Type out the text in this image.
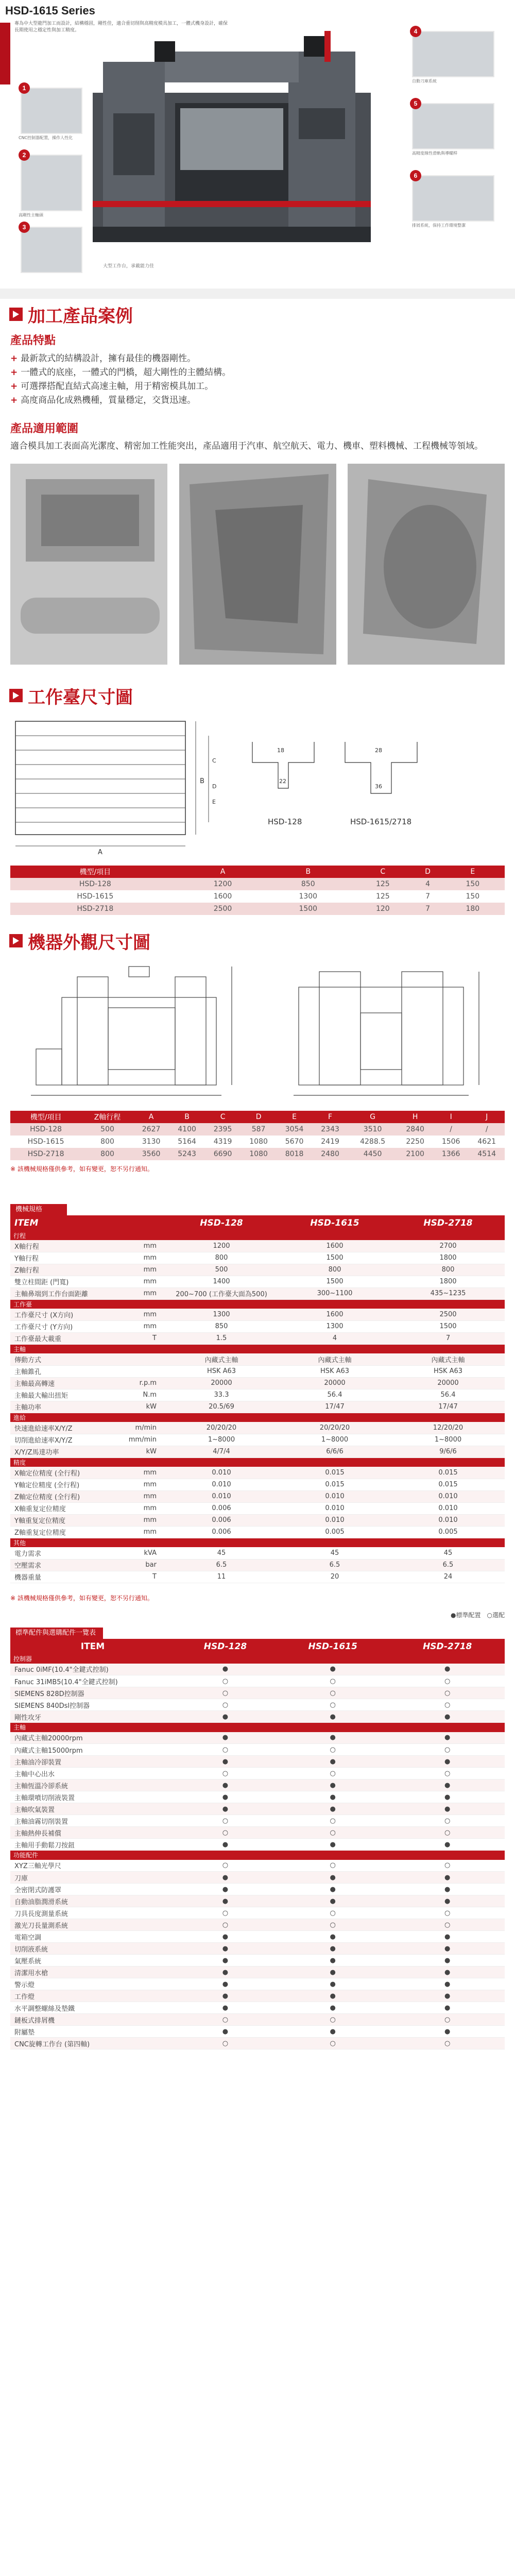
HSD-1615 Series
專為中大型龍門加工而設計，結構穩固，剛性佳，適合重切削與高精度模具加工，一體式機身設計，確保長期使用之穩定性與加工精度。
1
CNC控制器配置，操作人性化
2
高剛性主軸頭
3
4
自動刀庫系統
5
高精度線性滑軌與導螺桿
6
排屑系統，保持工作環境整潔
大型工作台，承載能力佳
加工產品案例
產品特點
+ 最新款式的結構設計，擁有最佳的機器剛性。
+ 一體式的底座，一體式的門橋，超大剛性的主體結構。
+ 可選擇搭配直結式高速主軸，用于精密模具加工。
+ 高度商品化成熟機種，質量穩定，交貨迅速。
產品適用範圍

適合模具加工表面高光潔度、精密加工性能突出，產品適用于汽車、航空航天、電力、機車、塑料機械、工程機械等領域。

工作臺尺寸圖
A
B
C
D
E
18
22
28
36
HSD-128	HSD-1615/2718
機型/項目	A	B	C	D	E
HSD-128	1200	850	125	4	150
HSD-1615	1600	1300	125	7	150
HSD-2718	2500	1500	120	7	180
機器外觀尺寸圖
機型/項目	Z軸行程	A	B	C	D	E	F	G	H	I	J
HSD-128	500	2627	4100	2395	587	3054	2343	3510	2840	/	/
HSD-1615	800	3130	5164	4319	1080	5670	2419	4288.5	2250	1506	4621
HSD-2718	800	3560	5243	6690	1080	8018	2480	4450	2100	1366	4514
※ 該機械規格僅供參考，如有變更，恕不另行通知。
機械規格
ITEM		HSD-128	HSD-1615	HSD-2718
行程				
X軸行程	mm	1200	1600	2700
Y軸行程	mm	800	1500	1800
Z軸行程	mm	500	800	800
雙立柱間距 (門寬)	mm	1400	1500	1800
主軸鼻端到工作台面距離	mm	200~700 (工作臺大面為500)	300~1100	435~1235
工作臺				
工作臺尺寸 (X方向)	mm	1300	1600	2500
工作臺尺寸 (Y方向)	mm	850	1300	1500
工作臺最大載重	T	1.5	4	7
主軸				
傳動方式		內藏式主軸	內藏式主軸	內藏式主軸
主軸錐孔		HSK A63	HSK A63	HSK A63
主軸最高轉速	r.p.m	20000	20000	20000
主軸最大輸出扭矩	N.m	33.3	56.4	56.4
主軸功率	kW	20.5/69	17/47	17/47
進給				
快速進給速率X/Y/Z	m/min	20/20/20	20/20/20	12/20/20
切削進給速率X/Y/Z	mm/min	1~8000	1~8000	1~8000
X/Y/Z馬達功率	kW	4/7/4	6/6/6	9/6/6
精度				
X軸定位精度 (全行程)	mm	0.010	0.015	0.015
Y軸定位精度 (全行程)	mm	0.010	0.015	0.015
Z軸定位精度 (全行程)	mm	0.010	0.010	0.010
X軸重复定位精度	mm	0.006	0.010	0.010
Y軸重复定位精度	mm	0.006	0.010	0.010
Z軸重复定位精度	mm	0.006	0.005	0.005
其他				
電力需求	kVA	45	45	45
空壓需求	bar	6.5	6.5	6.5
機器重量	T	11	20	24
※ 該機械規格僅供參考，如有變更，恕不另行通知。
●標準配置　○選配
標準配件與選購配件一覽表
ITEM	HSD-128	HSD-1615	HSD-2718
控制器			
Fanuc 0iMF(10.4"全鍵式控制)	●	●	●
Fanuc 31iMB5(10.4"全鍵式控制)	○	○	○
SIEMENS 828D控制器	○	○	○
SIEMENS 840Dsl控制器	○	○	○
剛性攻牙	●	●	●
主軸			
內藏式主軸20000rpm	●	●	●
內藏式主軸15000rpm	○	○	○
主軸油冷卻裝置	●	●	●
主軸中心出水	○	○	○
主軸恆溫冷卻系統	●	●	●
主軸環噴切削液裝置	●	●	●
主軸吹氣裝置	●	●	●
主軸油霧切削裝置	○	○	○
主軸熱伸長補償	○	○	○
主軸用手動鬆刀按鈕	●	●	●
功能配件			
XYZ三軸光學尺	○	○	○
刀庫	●	●	●
全密閉式防護罩	●	●	●
自動油脂潤滑系統	●	●	●
刀具長度測量系統	○	○	○
激光刀長量測系統	○	○	○
電箱空調	●	●	●
切削液系統	●	●	●
氣壓系統	●	●	●
清潔用水槍	●	●	●
警示燈	●	●	●
工作燈	●	●	●
水平調整螺絲及墊鐵	●	●	●
鏈板式排屑機	○	○	○
附屬墊	●	●	●
CNC旋轉工作台 (第四軸)	○	○	○
